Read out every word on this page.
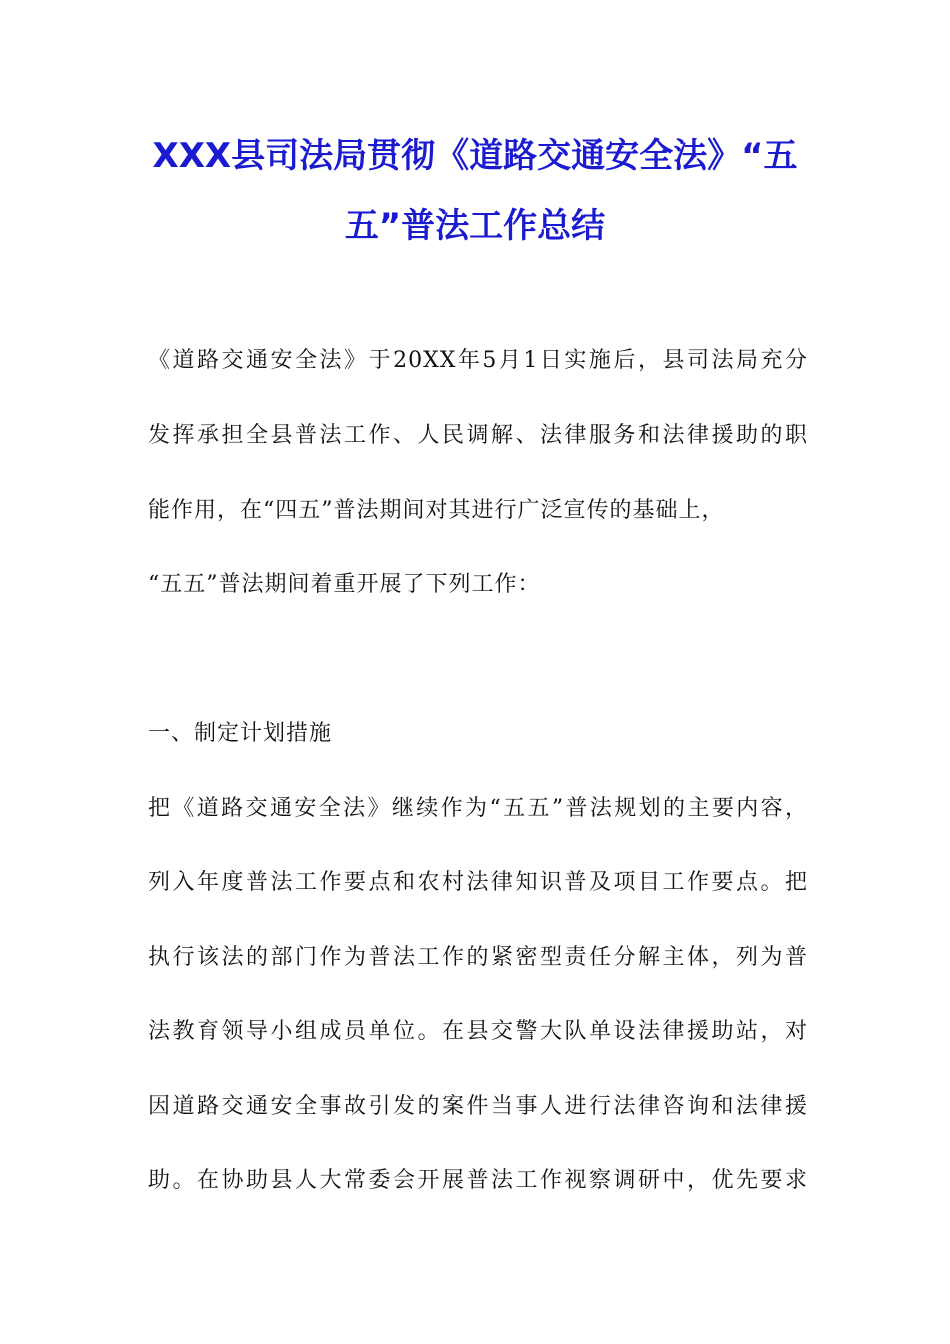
XXX县司法局贯彻《道路交通安全法》“五
五”普法工作总结
《道路交通安全法》于20XX年5月1日实施后，县司法局充分
发挥承担全县普法工作、人民调解、法律服务和法律援助的职
能作用，在“四五”普法期间对其进行广泛宣传的基础上，
“五五”普法期间着重开展了下列工作：
一、制定计划措施
把《道路交通安全法》继续作为“五五”普法规划的主要内容，
列入年度普法工作要点和农村法律知识普及项目工作要点。把
执行该法的部门作为普法工作的紧密型责任分解主体，列为普
法教育领导小组成员单位。在县交警大队单设法律援助站，对
因道路交通安全事故引发的案件当事人进行法律咨询和法律援
助。在协助县人大常委会开展普法工作视察调研中，优先要求
